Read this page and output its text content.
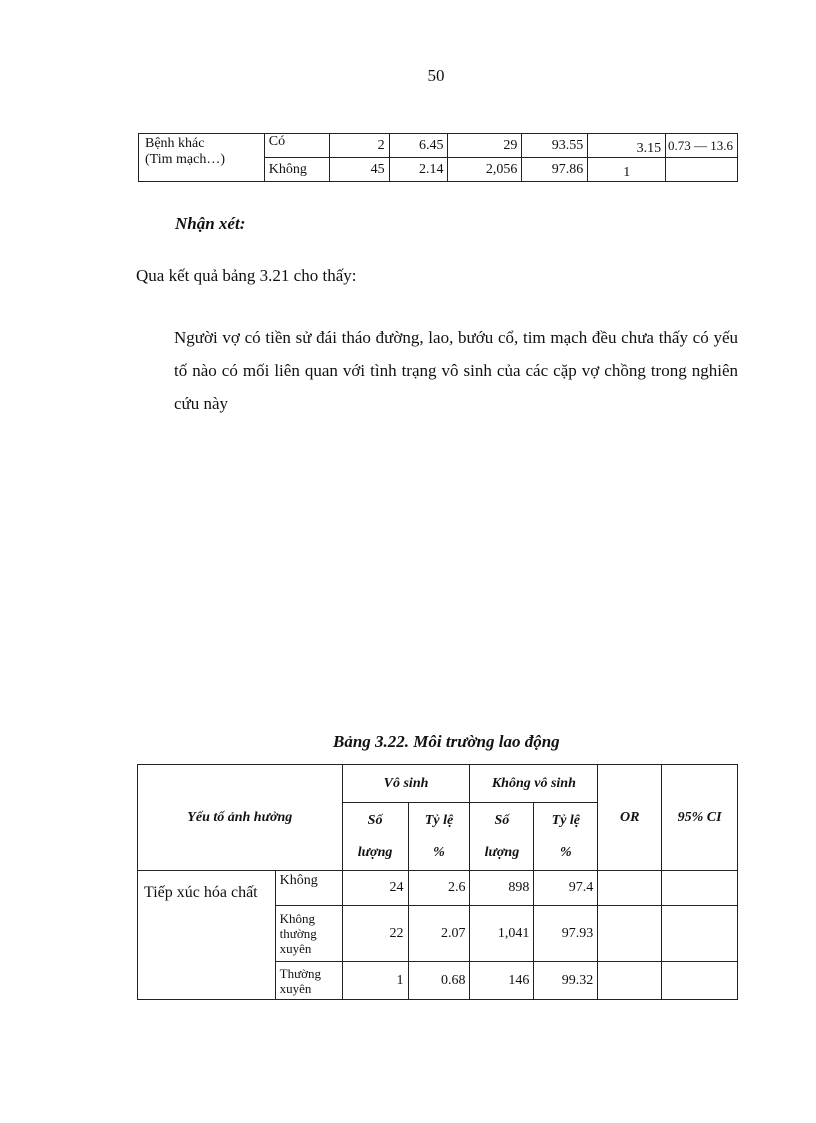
50
Bệnh khác
(Tim mạch…)	Có	2	6.45	29	93.55	3.15	0.73 — 13.6
	Không	45	2.14	2,056	97.86	1	
Nhận xét:
Qua kết quả bảng 3.21 cho thấy:
Người vợ có tiền sử đái tháo đường, lao, bướu cổ, tim mạch đều chưa thấy có yếu tố nào có mối liên quan với tình trạng vô sinh của các cặp vợ chồng trong nghiên cứu này
Bảng 3.22. Môi trường lao động
Yếu tố ảnh hưởng		Vô sinh		Không vô sinh		OR	95% CI
		Số lượng	Tỷ lệ %	Số lượng	Tỷ lệ %		
Tiếp xúc hóa chất	Không	24	2.6	898	97.4		
	Không thường xuyên	22	2.07	1,041	97.93		
	Thường xuyên	1	0.68	146	99.32		
